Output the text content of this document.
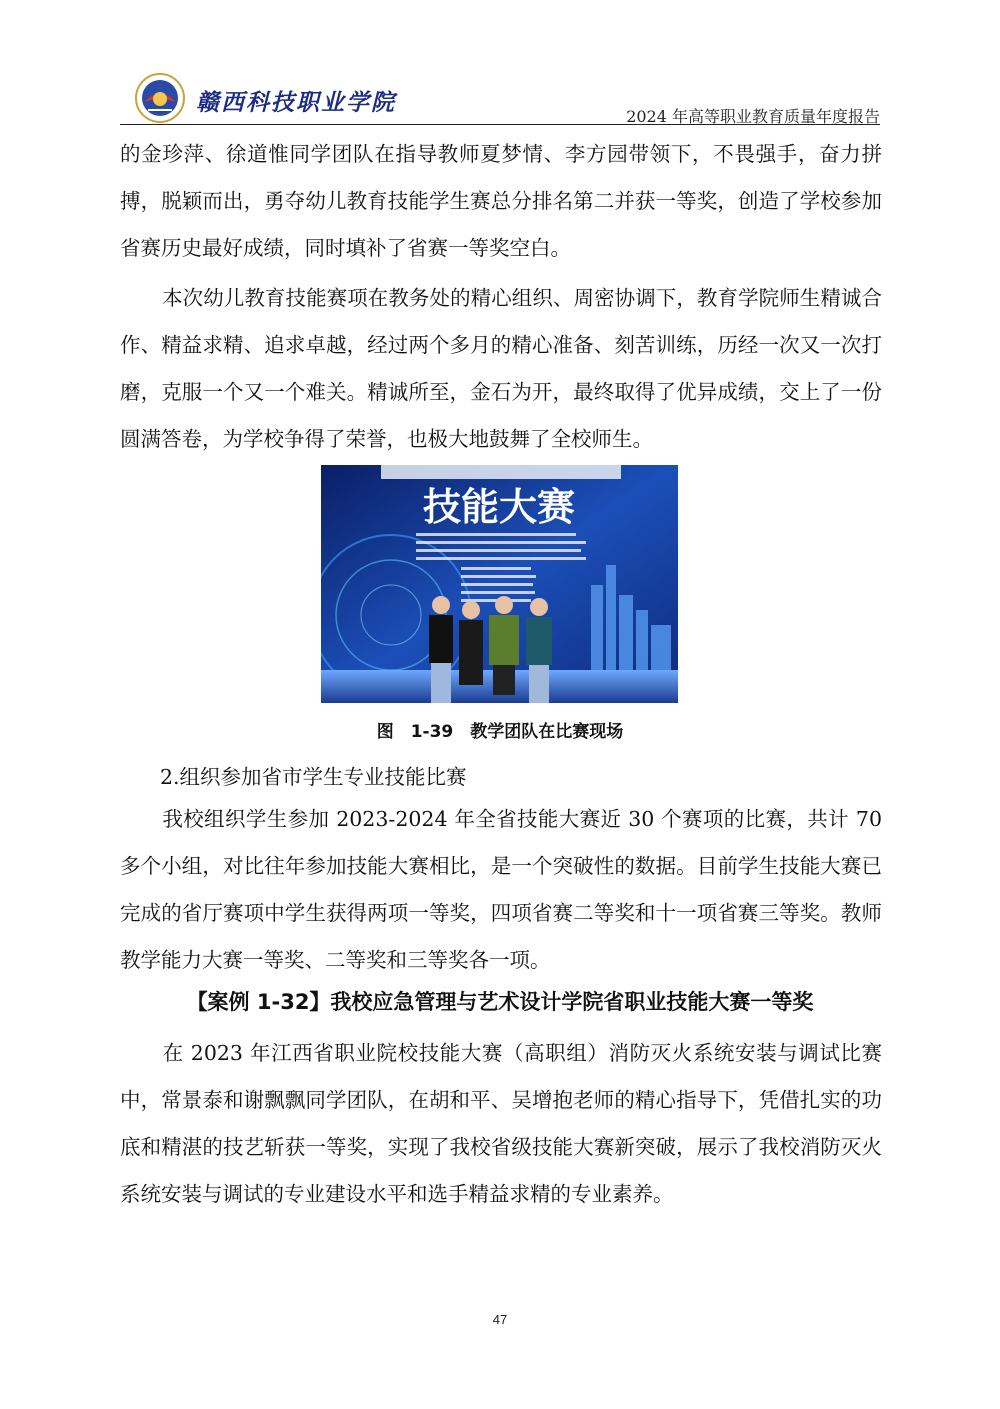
赣西科技职业学院
2024 年高等职业教育质量年度报告

的金珍萍、徐道惟同学团队在指导教师夏梦情、李方园带领下，不畏强手，奋力拼搏，脱颖而出，勇夺幼儿教育技能学生赛总分排名第二并获一等奖，创造了学校参加省赛历史最好成绩，同时填补了省赛一等奖空白。

本次幼儿教育技能赛项在教务处的精心组织、周密协调下，教育学院师生精诚合作、精益求精、追求卓越，经过两个多月的精心准备、刻苦训练，历经一次又一次打磨，克服一个又一个难关。精诚所至，金石为开，最终取得了优异成绩，交上了一份圆满答卷，为学校争得了荣誉，也极大地鼓舞了全校师生。

技能大赛
图　1-39　教学团队在比赛现场
2.组织参加省市学生专业技能比赛

我校组织学生参加 2023-2024 年全省技能大赛近 30 个赛项的比赛，共计 70 多个小组，对比往年参加技能大赛相比，是一个突破性的数据。目前学生技能大赛已完成的省厅赛项中学生获得两项一等奖，四项省赛二等奖和十一项省赛三等奖。教师教学能力大赛一等奖、二等奖和三等奖各一项。

【案例 1-32】我校应急管理与艺术设计学院省职业技能大赛一等奖

在 2023 年江西省职业院校技能大赛（高职组）消防灭火系统安装与调试比赛中，常景泰和谢飘飘同学团队，在胡和平、吴增抱老师的精心指导下，凭借扎实的功底和精湛的技艺斩获一等奖，实现了我校省级技能大赛新突破，展示了我校消防灭火系统安装与调试的专业建设水平和选手精益求精的专业素养。

47
